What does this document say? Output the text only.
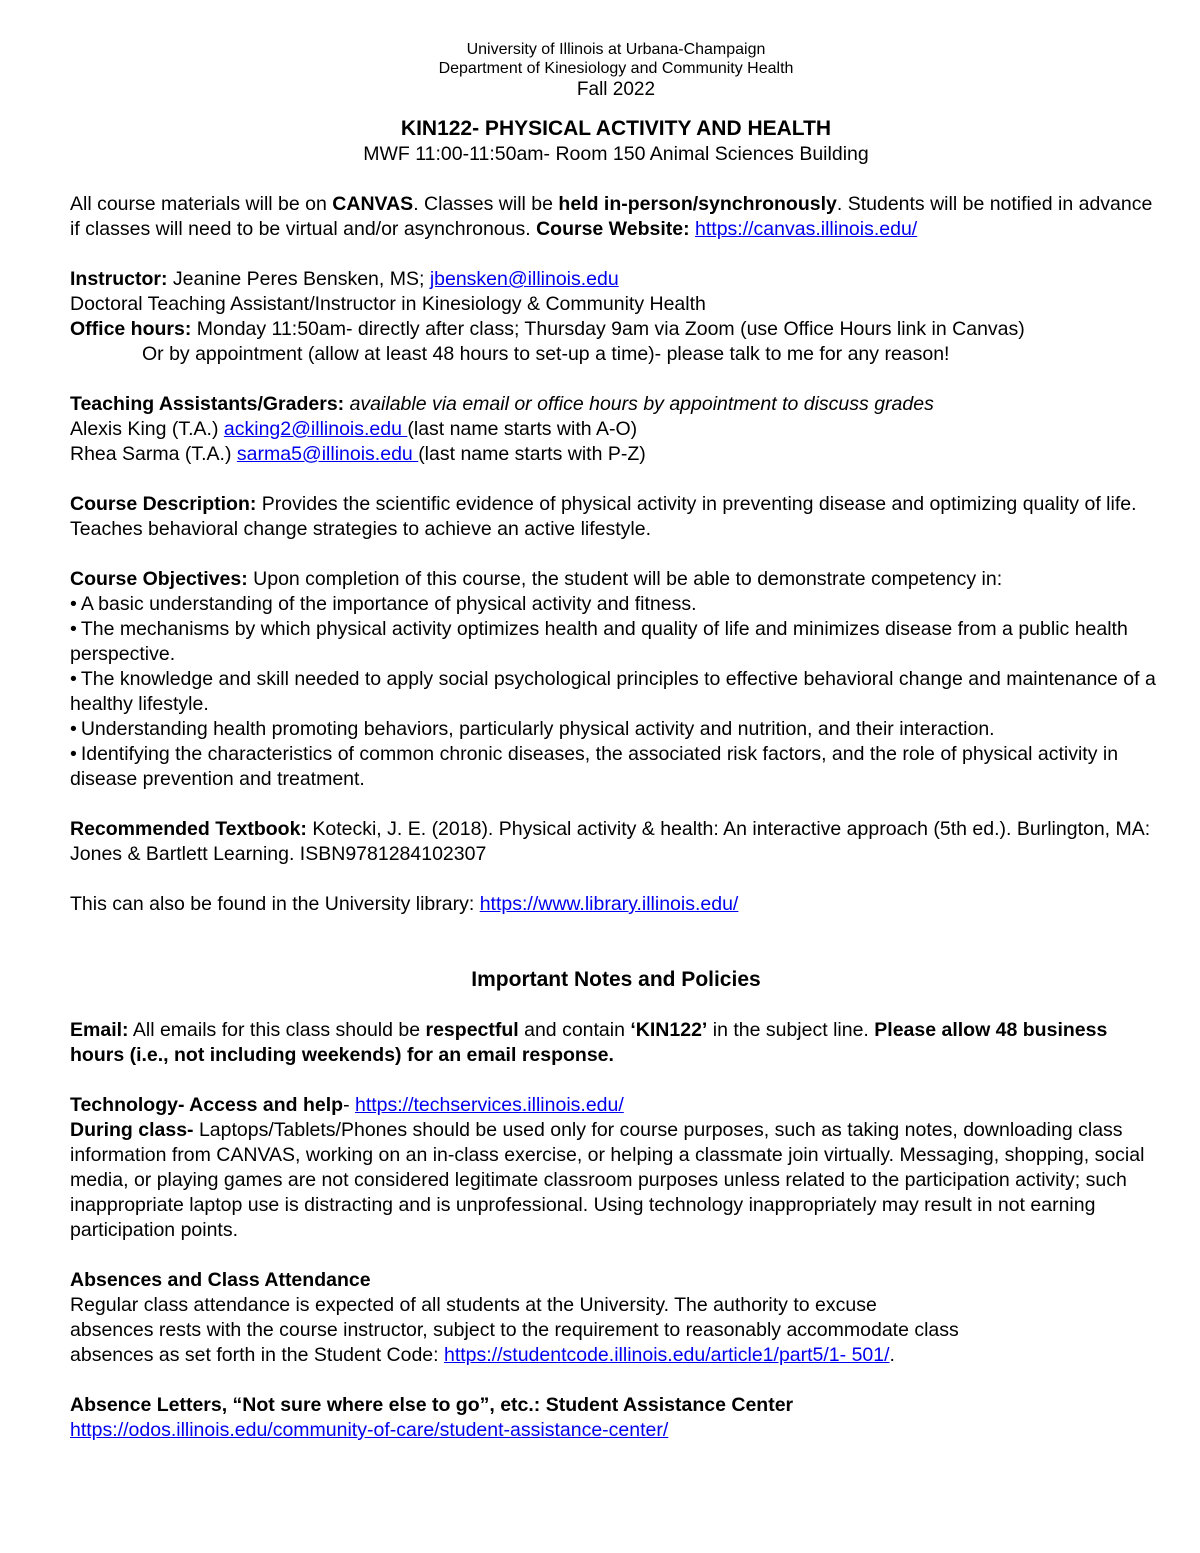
University of Illinois at Urbana-Champaign
Department of Kinesiology and Community Health
Fall 2022
KIN122- PHYSICAL ACTIVITY AND HEALTH
MWF 11:00-11:50am- Room 150 Animal Sciences Building

All course materials will be on CANVAS. Classes will be held in-person/synchronously. Students will be notified in advance if classes will need to be virtual and/or asynchronous. Course Website: https://canvas.illinois.edu/

Instructor: Jeanine Peres Bensken, MS; jbensken@illinois.edu

Doctoral Teaching Assistant/Instructor in Kinesiology & Community Health

Office hours: Monday 11:50am- directly after class; Thursday 9am via Zoom (use Office Hours link in Canvas)

Or by appointment (allow at least 48 hours to set-up a time)- please talk to me for any reason!

Teaching Assistants/Graders: available via email or office hours by appointment to discuss grades

Alexis King (T.A.) acking2@illinois.edu (last name starts with A-O)

Rhea Sarma (T.A.) sarma5@illinois.edu (last name starts with P-Z)

Course Description: Provides the scientific evidence of physical activity in preventing disease and optimizing quality of life. Teaches behavioral change strategies to achieve an active lifestyle.

Course Objectives: Upon completion of this course, the student will be able to demonstrate competency in:

• A basic understanding of the importance of physical activity and fitness.

• The mechanisms by which physical activity optimizes health and quality of life and minimizes disease from a public health perspective.

• The knowledge and skill needed to apply social psychological principles to effective behavioral change and maintenance of a healthy lifestyle.

• Understanding health promoting behaviors, particularly physical activity and nutrition, and their interaction.

• Identifying the characteristics of common chronic diseases, the associated risk factors, and the role of physical activity in disease prevention and treatment.

Recommended Textbook: Kotecki, J. E. (2018). Physical activity & health: An interactive approach (5th ed.). Burlington, MA: Jones & Bartlett Learning. ISBN9781284102307

This can also be found in the University library: https://www.library.illinois.edu/

Important Notes and Policies

Email: All emails for this class should be respectful and contain ‘KIN122’ in the subject line. Please allow 48 business hours (i.e., not including weekends) for an email response.

Technology- Access and help- https://techservices.illinois.edu/

During class- Laptops/Tablets/Phones should be used only for course purposes, such as taking notes, downloading class information from CANVAS, working on an in-class exercise, or helping a classmate join virtually. Messaging, shopping, social media, or playing games are not considered legitimate classroom purposes unless related to the participation activity; such inappropriate laptop use is distracting and is unprofessional. Using technology inappropriately may result in not earning participation points.

Absences and Class Attendance

Regular class attendance is expected of all students at the University. The authority to excuse

absences rests with the course instructor, subject to the requirement to reasonably accommodate class

absences as set forth in the Student Code: https://studentcode.illinois.edu/article1/part5/1- 501/.

Absence Letters, “Not sure where else to go”, etc.: Student Assistance Center

https://odos.illinois.edu/community-of-care/student-assistance-center/
